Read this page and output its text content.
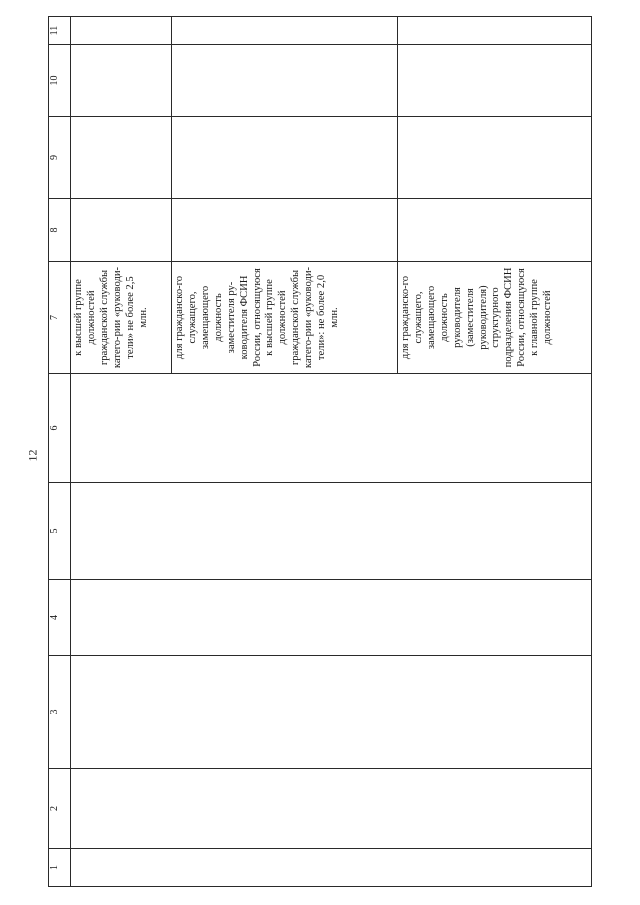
12
1	2	3	4	5	6	7	8	9	10	11

						к высшей группе должностей гражданской службы катего-рии «руководи-тели» не более 2,5 млн.				

						для гражданско-го служащего, замещающего должность заместителя ру-ководителя ФСИН России, относящуюся к высшей группе должностей гражданской службы катего-рии «руководи-тели»: не более 2,0 млн.				

						для гражданско-го служащего, замещающего должность руководителя (заместителя руководителя) структурного подразделения ФСИН России, относящуюся к главной группе должностей				
